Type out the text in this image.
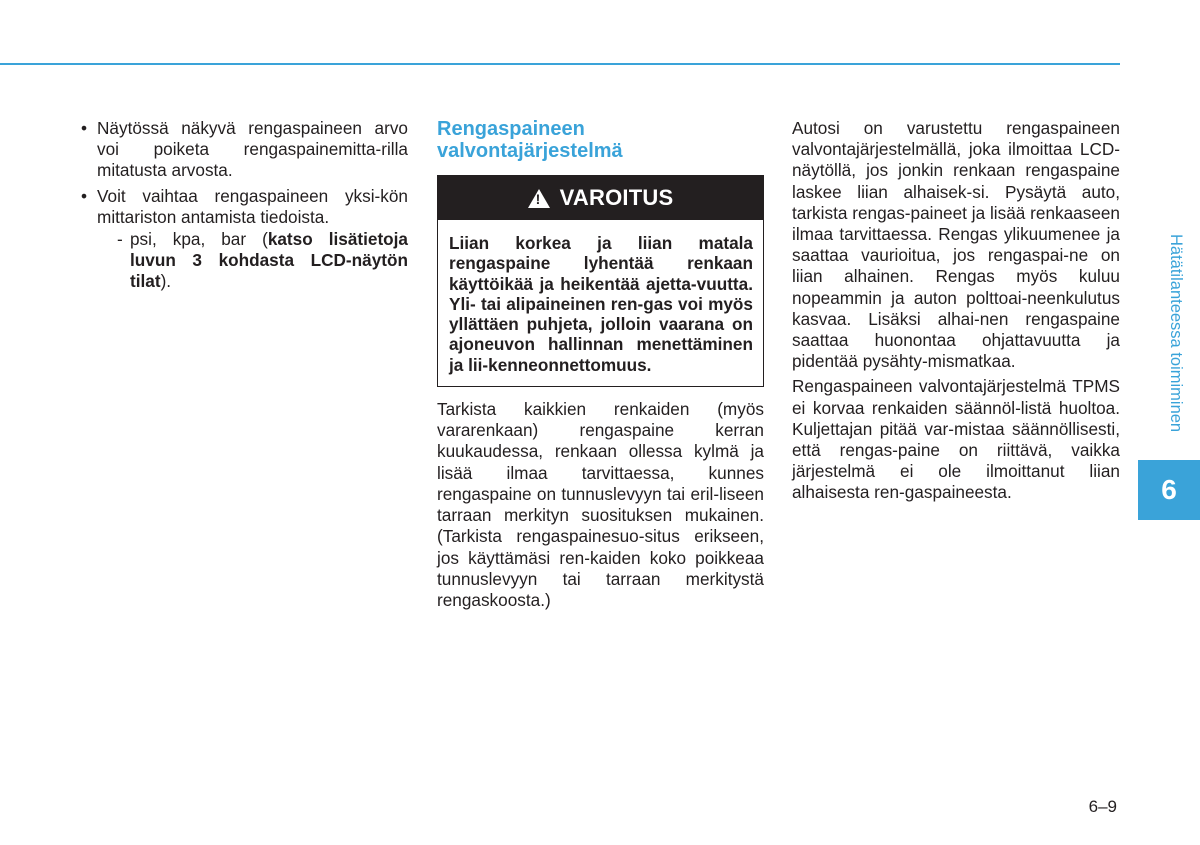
• Näytössä näkyvä rengaspaineen arvo voi poiketa rengaspainemitta-rilla mitatusta arvosta.
• Voit vaihtaa rengaspaineen yksi-kön mittariston antamista tiedoista.
- psi, kpa, bar (katso lisätietoja luvun 3 kohdasta LCD-näytön tilat).
Rengaspaineen
valvontajärjestelmä
!
VAROITUS
Liian korkea ja liian matala rengaspaine lyhentää renkaan käyttöikää ja heikentää ajetta-vuutta. Yli- tai alipaineinen ren-gas voi myös yllättäen puhjeta, jolloin vaarana on ajoneuvon hallinnan menettäminen ja lii-kenneonnettomuus.

Tarkista kaikkien renkaiden (myös vararenkaan) rengaspaine kerran kuukaudessa, renkaan ollessa kylmä ja lisää ilmaa tarvittaessa, kunnes rengaspaine on tunnuslevyyn tai eril-liseen tarraan merkityn suosituksen mukainen. (Tarkista rengaspainesuo-situs erikseen, jos käyttämäsi ren-kaiden koko poikkeaa tunnuslevyyn tai tarraan merkitystä rengaskoosta.)

Autosi on varustettu rengaspaineen valvontajärjestelmällä, joka ilmoittaa LCD-näytöllä, jos jonkin renkaan rengaspaine laskee liian alhaisek-si. Pysäytä auto, tarkista rengas-paineet ja lisää renkaaseen ilmaa tarvittaessa. Rengas ylikuumenee ja saattaa vaurioitua, jos rengaspai-ne on liian alhainen. Rengas myös kuluu nopeammin ja auton polttoai-neenkulutus kasvaa. Lisäksi alhai-nen rengaspaine saattaa huonontaa ohjattavuutta ja pidentää pysähty-mismatkaa.

Rengaspaineen valvontajärjestelmä TPMS ei korvaa renkaiden säännöl-listä huoltoa. Kuljettajan pitää var-mistaa säännöllisesti, että rengas-paine on riittävä, vaikka järjestelmä ei ole ilmoittanut liian alhaisesta ren-gaspaineesta.

Hätätilanteessa toimiminen
6
6–9
